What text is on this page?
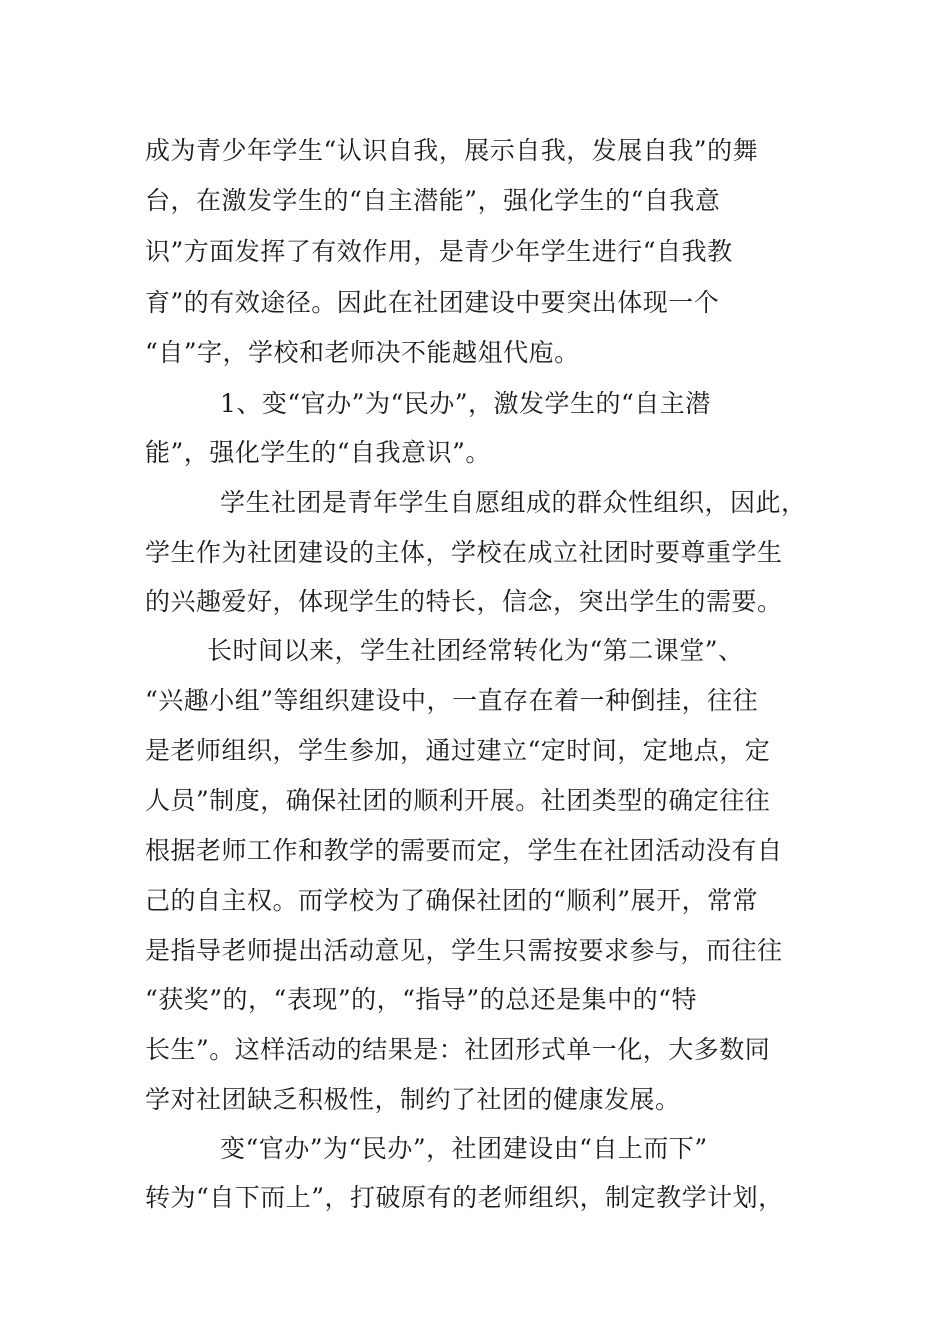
成为青少年学生“认识自我，展示自我，发展自我”的舞
台，在激发学生的“自主潜能”，强化学生的“自我意
识”方面发挥了有效作用，是青少年学生进行“自我教
育”的有效途径。因此在社团建设中要突出体现一个
“自”字，学校和老师决不能越俎代庖。
1、变“官办”为“民办”，激发学生的“自主潜
能”，强化学生的“自我意识”。
学生社团是青年学生自愿组成的群众性组织，因此，
学生作为社团建设的主体，学校在成立社团时要尊重学生
的兴趣爱好，体现学生的特长，信念，突出学生的需要。
长时间以来，学生社团经常转化为“第二课堂”、
“兴趣小组”等组织建设中，一直存在着一种倒挂，往往
是老师组织，学生参加，通过建立“定时间，定地点，定
人员”制度，确保社团的顺利开展。社团类型的确定往往
根据老师工作和教学的需要而定，学生在社团活动没有自
己的自主权。而学校为了确保社团的“顺利”展开，常常
是指导老师提出活动意见，学生只需按要求参与，而往往
“获奖”的，“表现”的，“指导”的总还是集中的“特
长生”。这样活动的结果是：社团形式单一化，大多数同
学对社团缺乏积极性，制约了社团的健康发展。
变“官办”为“民办”，社团建设由“自上而下”
转为“自下而上”，打破原有的老师组织，制定教学计划，
